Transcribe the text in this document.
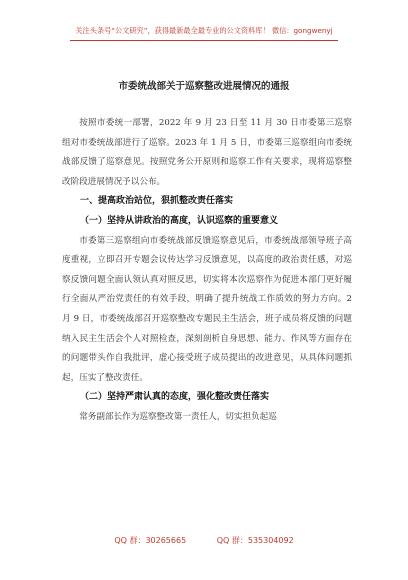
关注头条号“公文研究”，获得最新最全最专业的公文资料库！ 微信：gongwenyj
市委统战部关于巡察整改进展情况的通报

按照市委统一部署，2022 年 9 月 23 日至 11 月 30 日市委第三巡察组对市委统战部进行了巡察。2023 年 1 月 5 日，市委第三巡察组向市委统战部反馈了巡察意见。按照党务公开原则和巡察工作有关要求，现将巡察整改阶段进展情况予以公布。

一、提高政治站位，狠抓整改责任落实

（一）坚持从讲政治的高度，认识巡察的重要意义

市委第三巡察组向市委统战部反馈巡察意见后，市委统战部领导班子高度重视，立即召开专题会议传达学习反馈意见，以高度的政治责任感，对巡察反馈问题全面认领认真对照反思，切实将本次巡察作为促进本部门更好履行全面从严治党责任的有效手段，明确了提升统战工作质效的努力方向。2 月 9 日，市委统战部召开巡察整改专题民主生活会，班子成员将反馈的问题纳入民主生活会个人对照检查，深刻剖析自身思想、能力、作风等方面存在的问题带头作自我批评，虚心接受班子成员提出的改进意见，从具体问题抓起，压实了整改责任。

（二）坚持严肃认真的态度，强化整改责任落实

常务副部长作为巡察整改第一责任人，切实担负起巡

QQ 群：30265665	QQ 群：535304092
